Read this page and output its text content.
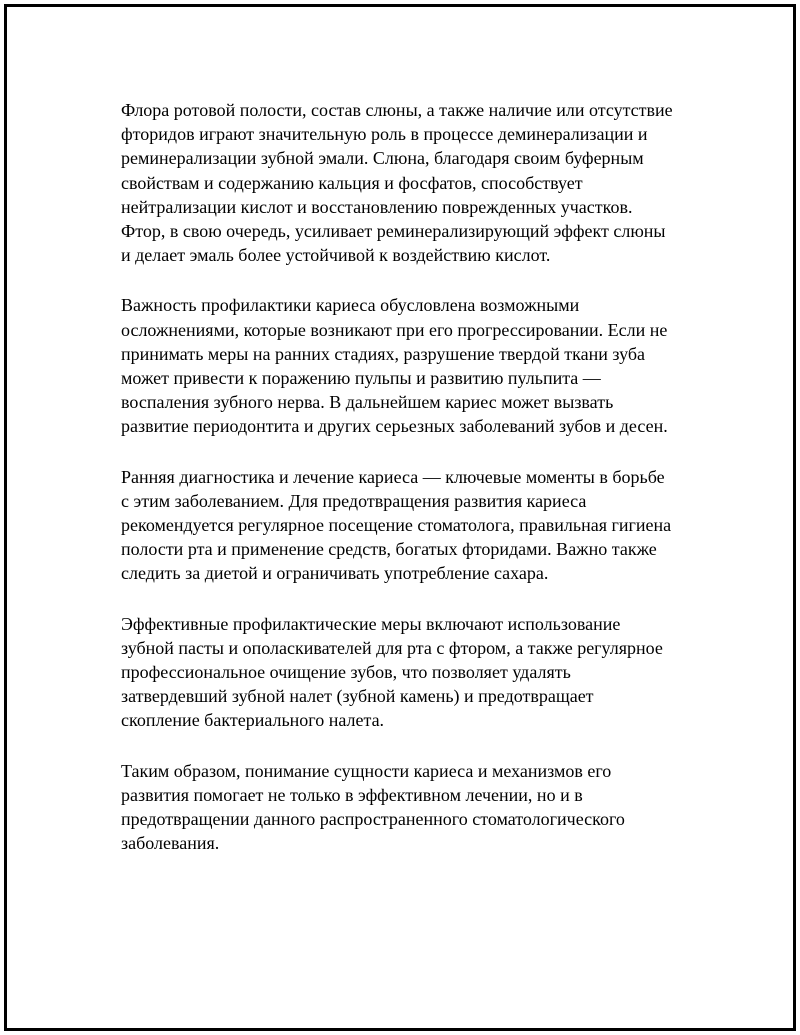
Флора ротовой полости, состав слюны, а также наличие или отсутствие
фторидов играют значительную роль в процессе деминерализации и
реминерализации зубной эмали. Слюна, благодаря своим буферным
свойствам и содержанию кальция и фосфатов, способствует
нейтрализации кислот и восстановлению поврежденных участков.
Фтор, в свою очередь, усиливает реминерализирующий эффект слюны
и делает эмаль более устойчивой к воздействию кислот.

Важность профилактики кариеса обусловлена возможными
осложнениями, которые возникают при его прогрессировании. Если не
принимать меры на ранних стадиях, разрушение твердой ткани зуба
может привести к поражению пульпы и развитию пульпита —
воспаления зубного нерва. В дальнейшем кариес может вызвать
развитие периодонтита и других серьезных заболеваний зубов и десен.

Ранняя диагностика и лечение кариеса — ключевые моменты в борьбе
с этим заболеванием. Для предотвращения развития кариеса
рекомендуется регулярное посещение стоматолога, правильная гигиена
полости рта и применение средств, богатых фторидами. Важно также
следить за диетой и ограничивать употребление сахара.

Эффективные профилактические меры включают использование
зубной пасты и ополаскивателей для рта с фтором, а также регулярное
профессиональное очищение зубов, что позволяет удалять
затвердевший зубной налет (зубной камень) и предотвращает
скопление бактериального налета.

Таким образом, понимание сущности кариеса и механизмов его
развития помогает не только в эффективном лечении, но и в
предотвращении данного распространенного стоматологического
заболевания.
